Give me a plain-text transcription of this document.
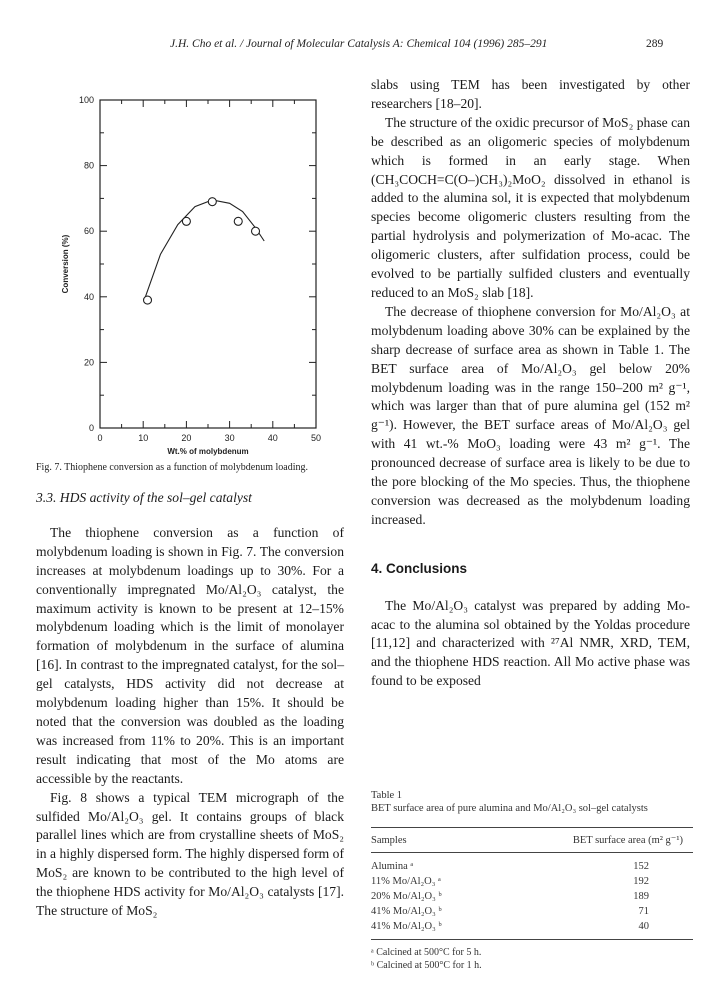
J.H. Cho et al. / Journal of Molecular Catalysis A: Chemical 104 (1996) 285–291	289
0	10	20	30	40	50
0
20
40
60
80
100
Wt.% of molybdenum
Conversion (%)
Fig. 7. Thiophene conversion as a function of molybdenum loading.

3.3. HDS activity of the sol–gel catalyst

The thiophene conversion as a function of molybdenum loading is shown in Fig. 7. The conversion increases at molybdenum loadings up to 30%. For a conventionally impregnated Mo/Al₂O₃ catalyst, the maximum activity is known to be present at 12–15% molybdenum loading which is the limit of monolayer formation of molybdenum in the surface of alumina [16]. In contrast to the impregnated catalyst, for the sol–gel catalysts, HDS activity did not decrease at molybdenum loading higher than 15%. It should be noted that the conversion was doubled as the loading was increased from 11% to 20%. This is an important result indicating that most of the Mo atoms are accessible by the reactants.

Fig. 8 shows a typical TEM micrograph of the sulfided Mo/Al₂O₃ gel. It contains groups of black parallel lines which are from crystalline sheets of MoS₂ in a highly dispersed form. The highly dispersed form of MoS₂ are known to be contributed to the high level of the thiophene HDS activity for Mo/Al₂O₃ catalysts [17]. The structure of MoS₂

slabs using TEM has been investigated by other researchers [18–20].

The structure of the oxidic precursor of MoS₂ phase can be described as an oligomeric species of molybdenum which is formed in an early stage. When (CH₃COCH=C(O–)CH₃)₂MoO₂ dissolved in ethanol is added to the alumina sol, it is expected that molybdenum species become oligomeric clusters resulting from the partial hydrolysis and polymerization of Mo-acac. The oligomeric clusters, after sulfidation process, could be evolved to be partially sulfided clusters and eventually reduced to an MoS₂ slab [18].

The decrease of thiophene conversion for Mo/Al₂O₃ at molybdenum loading above 30% can be explained by the sharp decrease of surface area as shown in Table 1. The BET surface area of Mo/Al₂O₃ gel below 20% molybdenum loading was in the range 150–200 m² g⁻¹, which was larger than that of pure alumina gel (152 m² g⁻¹). However, the BET surface areas of Mo/Al₂O₃ gel with 41 wt.-% MoO₃ loading were 43 m² g⁻¹. The pronounced decrease of surface area is likely to be due to the pore blocking of the Mo species. Thus, the thiophene conversion was decreased as the molybdenum loading increased.

4. Conclusions

The Mo/Al₂O₃ catalyst was prepared by adding Mo-acac to the alumina sol obtained by the Yoldas procedure [11,12] and characterized with ²⁷Al NMR, XRD, TEM, and the thiophene HDS reaction. All Mo active phase was found to be exposed

Table 1
BET surface area of pure alumina and Mo/Al₂O₃ sol–gel catalysts
Samples	BET surface area (m² g⁻¹)
Alumina ᵃ	152
11% Mo/Al₂O₃ ᵃ	192
20% Mo/Al₂O₃ ᵇ	189
41% Mo/Al₂O₃ ᵇ	71
41% Mo/Al₂O₃ ᵇ	40
ᵃ Calcined at 500°C for 5 h.
ᵇ Calcined at 500°C for 1 h.
